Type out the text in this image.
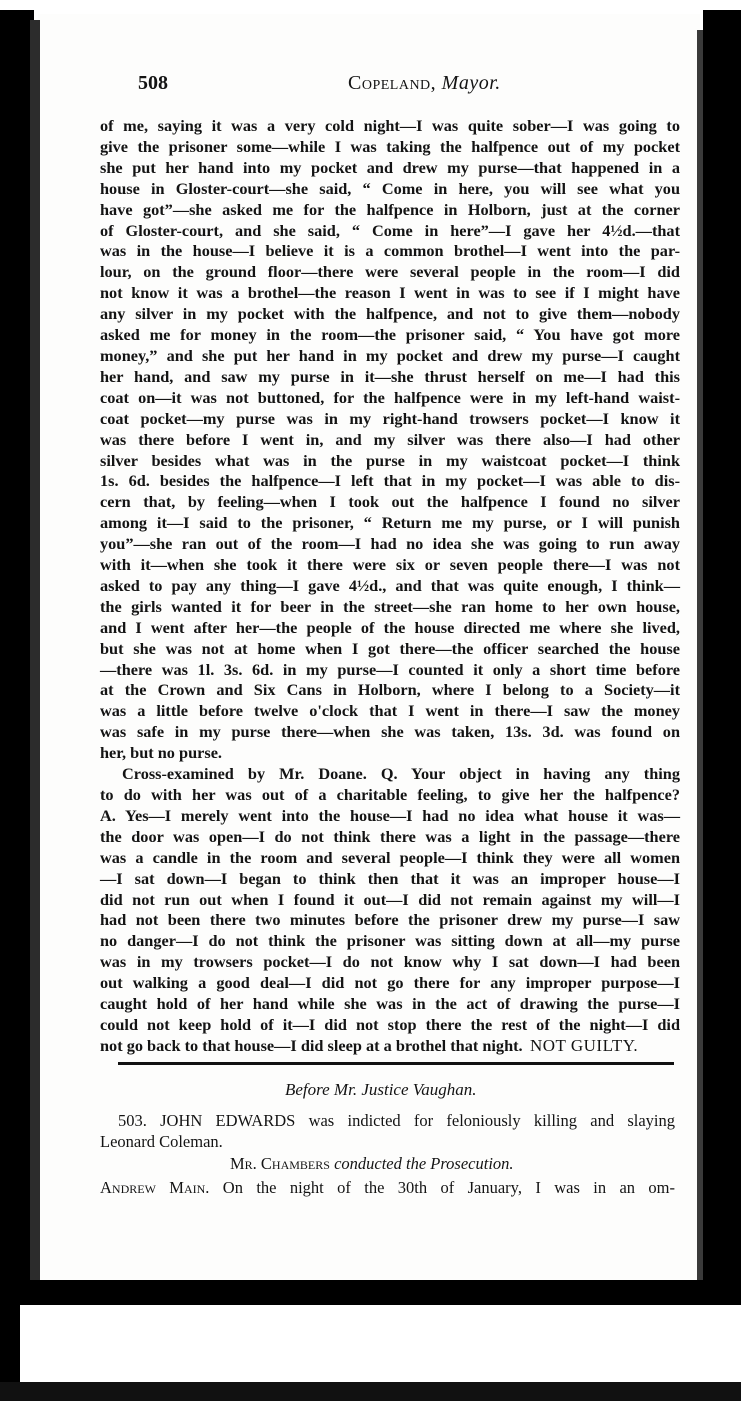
508	Copeland, Mayor.
of me, saying it was a very cold night—I was quite sober—I was going to
give the prisoner some—while I was taking the halfpence out of my pocket
she put her hand into my pocket and drew my purse—that happened in a
house in Gloster-court—she said, “ Come in here, you will see what you
have got”—she asked me for the halfpence in Holborn, just at the corner
of Gloster-court, and she said, “ Come in here”—I gave her 4½d.—that
was in the house—I believe it is a common brothel—I went into the par-
lour, on the ground floor—there were several people in the room—I did
not know it was a brothel—the reason I went in was to see if I might have
any silver in my pocket with the halfpence, and not to give them—nobody
asked me for money in the room—the prisoner said, “ You have got more
money,” and she put her hand in my pocket and drew my purse—I caught
her hand, and saw my purse in it—she thrust herself on me—I had this
coat on—it was not buttoned, for the halfpence were in my left-hand waist-
coat pocket—my purse was in my right-hand trowsers pocket—I know it
was there before I went in, and my silver was there also—I had other
silver besides what was in the purse in my waistcoat pocket—I think
1s. 6d. besides the halfpence—I left that in my pocket—I was able to dis-
cern that, by feeling—when I took out the halfpence I found no silver
among it—I said to the prisoner, “ Return me my purse, or I will punish
you”—she ran out of the room—I had no idea she was going to run away
with it—when she took it there were six or seven people there—I was not
asked to pay any thing—I gave 4½d., and that was quite enough, I think—
the girls wanted it for beer in the street—she ran home to her own house,
and I went after her—the people of the house directed me where she lived,
but she was not at home when I got there—the officer searched the house
—there was 1l. 3s. 6d. in my purse—I counted it only a short time before
at the Crown and Six Cans in Holborn, where I belong to a Society—it
was a little before twelve o'clock that I went in there—I saw the money
was safe in my purse there—when she was taken, 13s. 3d. was found on
her, but no purse.
Cross-examined by Mr. Doane. Q. Your object in having any thing
to do with her was out of a charitable feeling, to give her the halfpence?
A. Yes—I merely went into the house—I had no idea what house it was—
the door was open—I do not think there was a light in the passage—there
was a candle in the room and several people—I think they were all women
—I sat down—I began to think then that it was an improper house—I
did not run out when I found it out—I did not remain against my will—I
had not been there two minutes before the prisoner drew my purse—I saw
no danger—I do not think the prisoner was sitting down at all—my purse
was in my trowsers pocket—I do not know why I sat down—I had been
out walking a good deal—I did not go there for any improper purpose—I
caught hold of her hand while she was in the act of drawing the purse—I
could not keep hold of it—I did not stop there the rest of the night—I did
not go back to that house—I did sleep at a brothel that night. NOT GUILTY.
Before Mr. Justice Vaughan.
503. JOHN EDWARDS was indicted for feloniously killing and slaying
Leonard Coleman.
Mr. Chambers conducted the Prosecution.
Andrew Main. On the night of the 30th of January, I was in an om-
